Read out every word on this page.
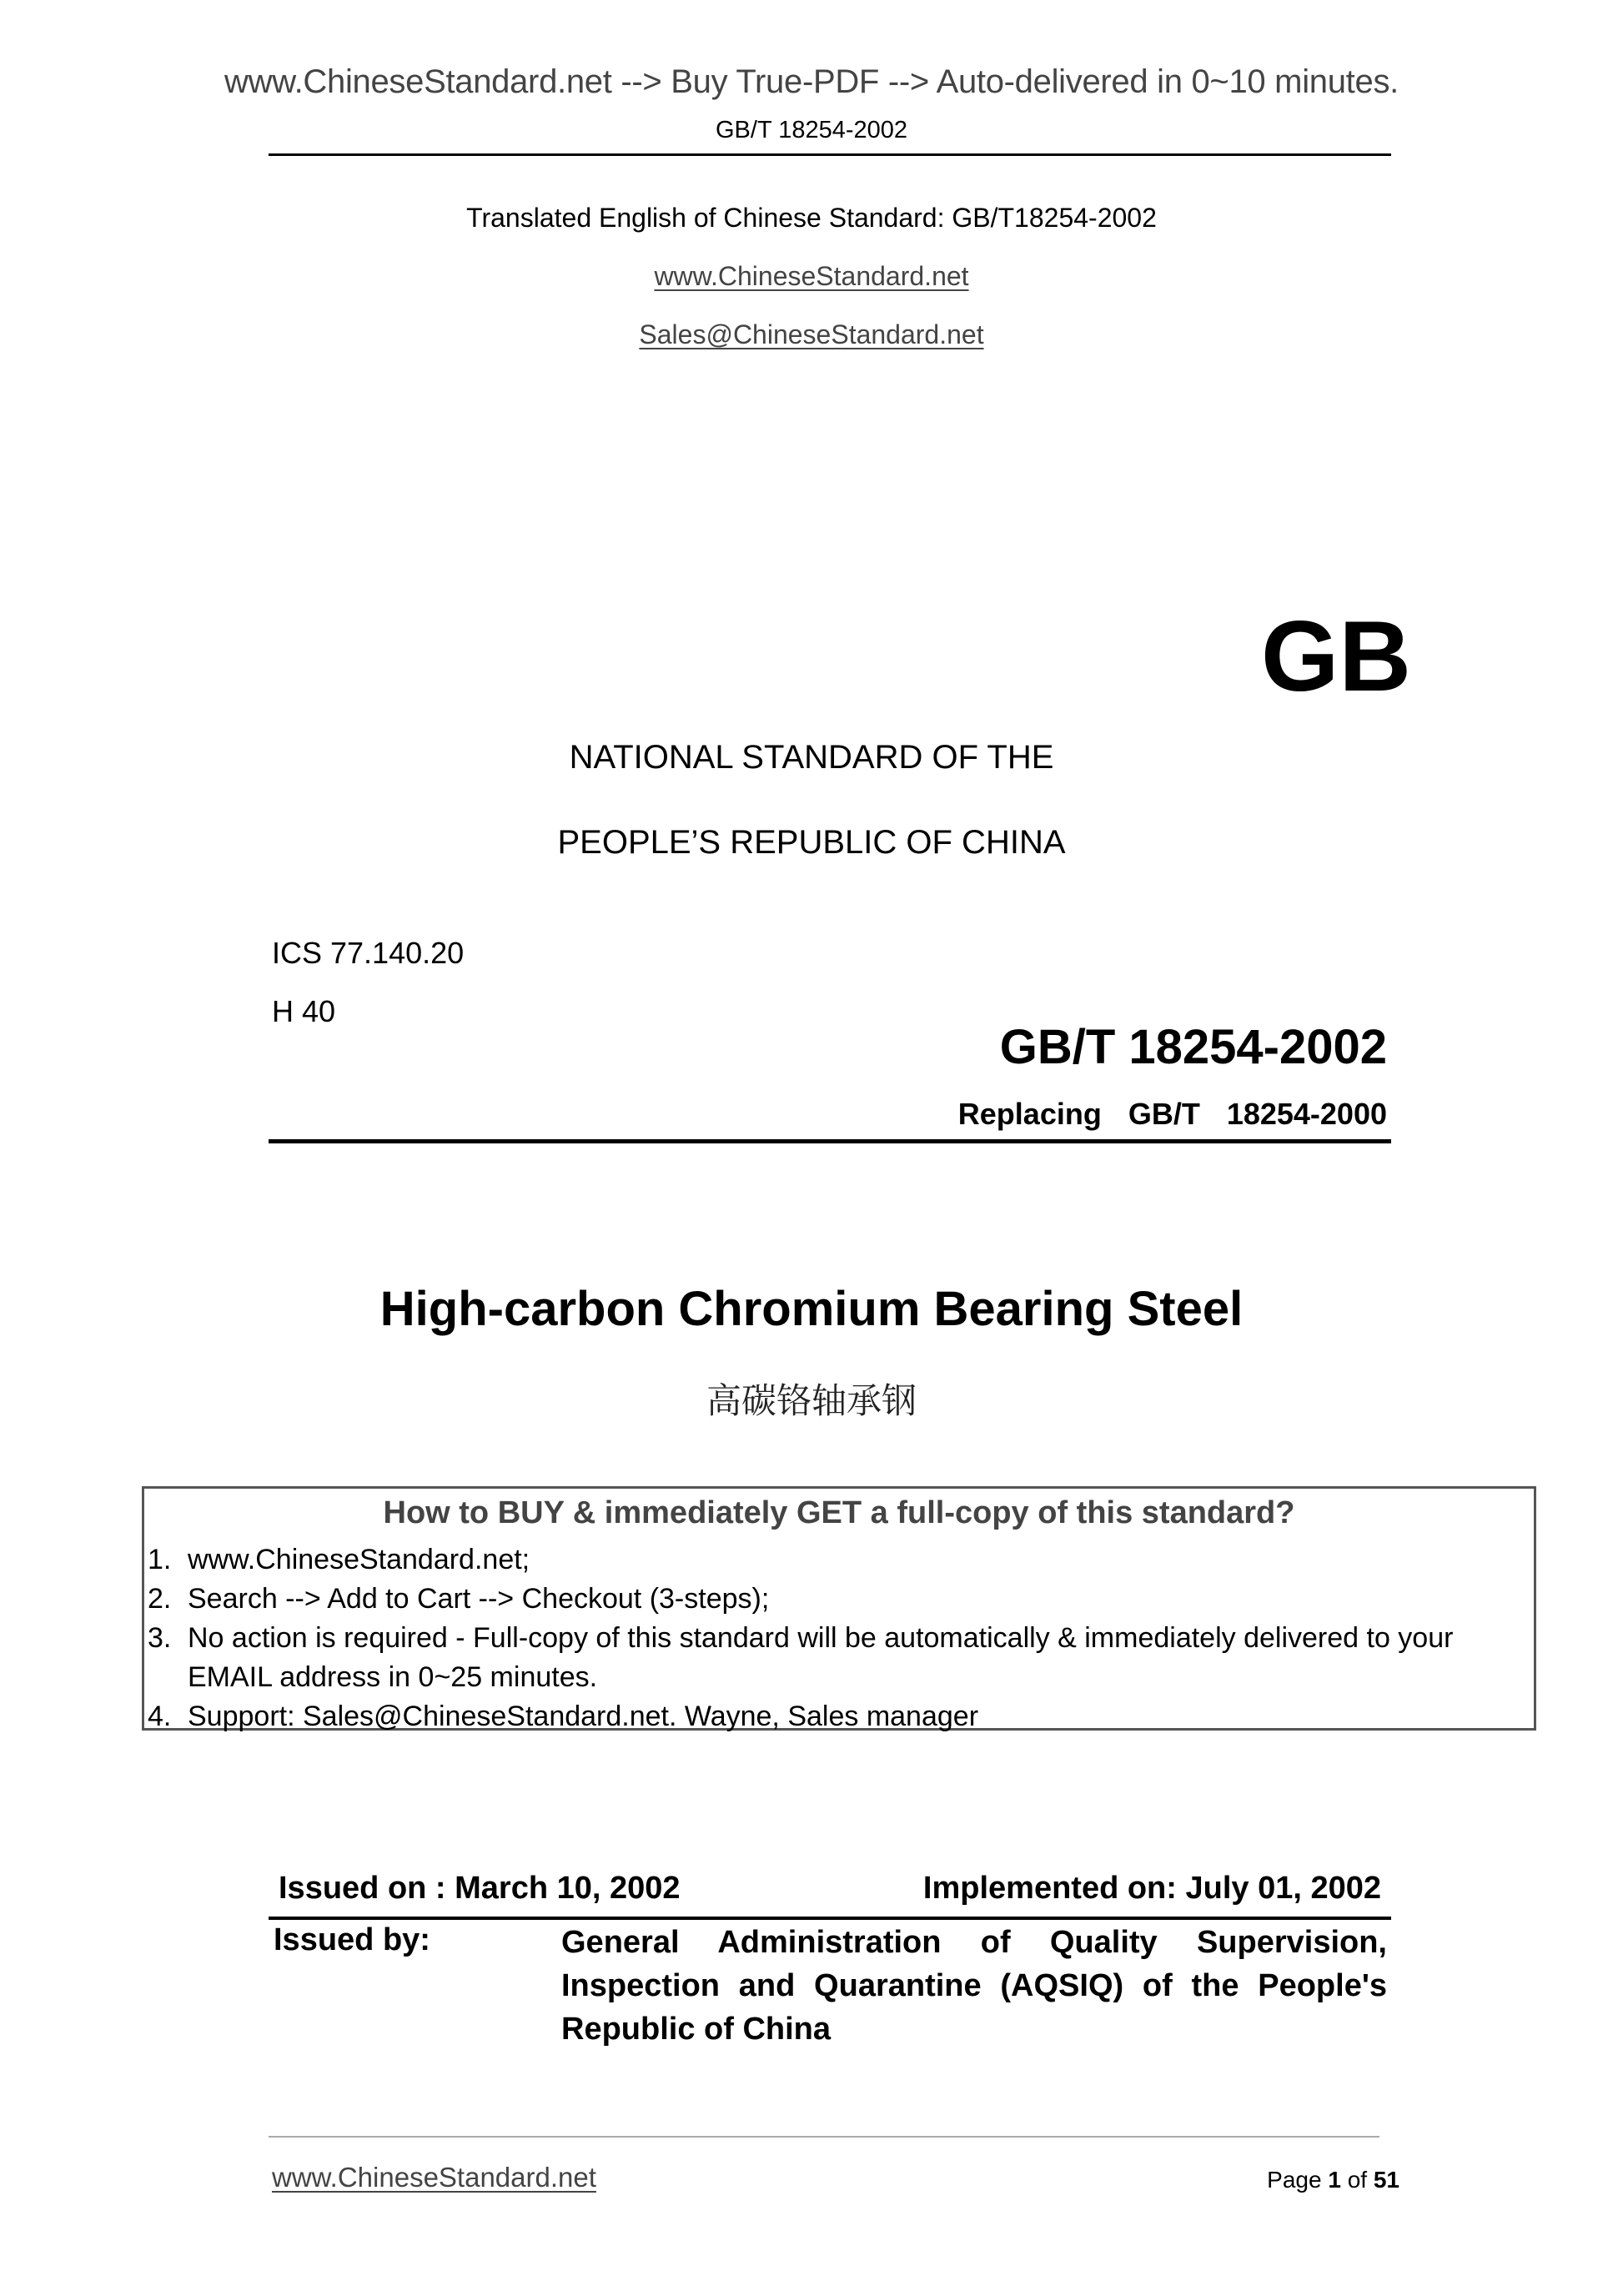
www.ChineseStandard.net --> Buy True-PDF --> Auto-delivered in 0~10 minutes.
GB/T 18254-2002
Translated English of Chinese Standard: GB/T18254-2002
www.ChineseStandard.net
Sales@ChineseStandard.net
GB
NATIONAL STANDARD OF THE
PEOPLE’S REPUBLIC OF CHINA
ICS 77.140.20
H 40
GB/T 18254-2002
Replacing  GB/T  18254-2000
High-carbon Chromium Bearing Steel
高碳铬轴承钢
How to BUY & immediately GET a full-copy of this standard?
1. www.ChineseStandard.net;
2. Search --> Add to Cart --> Checkout (3-steps);
3. No action is required - Full-copy of this standard will be automatically & immediately delivered to your EMAIL address in 0~25 minutes.
4. Support: Sales@ChineseStandard.net. Wayne, Sales manager
Issued on : March 10, 2002	Implemented on: July 01, 2002
Issued by:	General Administration of Quality Supervision, Inspection and Quarantine (AQSIQ) of the People's Republic of China
www.ChineseStandard.net	Page 1 of 51
